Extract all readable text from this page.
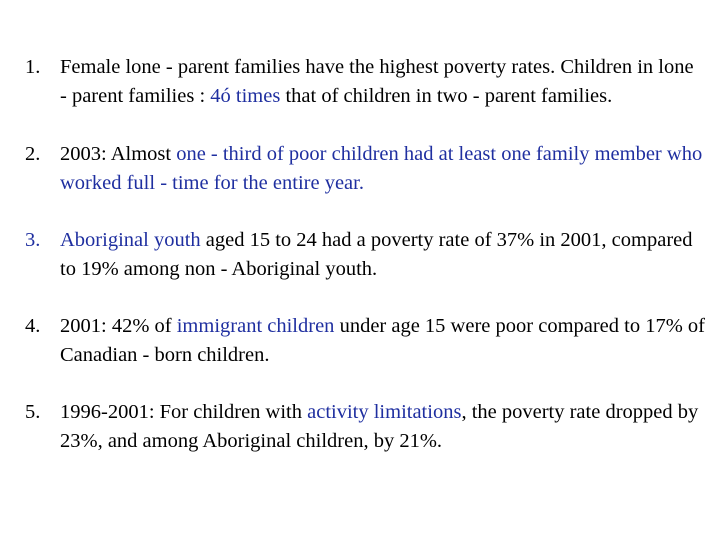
1. Female lone - parent families have the highest poverty rates. Children in lone - parent families : 4ó times that of children in two - parent families.
2. 2003: Almost one - third of poor children had at least one family member who worked full - time for the entire year.
3. Aboriginal youth aged 15 to 24 had a poverty rate of 37% in 2001, compared to 19% among non - Aboriginal youth.
4. 2001: 42% of immigrant children under age 15 were poor compared to 17% of Canadian - born children.
5. 1996-2001: For children with activity limitations, the poverty rate dropped by 23%, and among Aboriginal children, by 21%.
